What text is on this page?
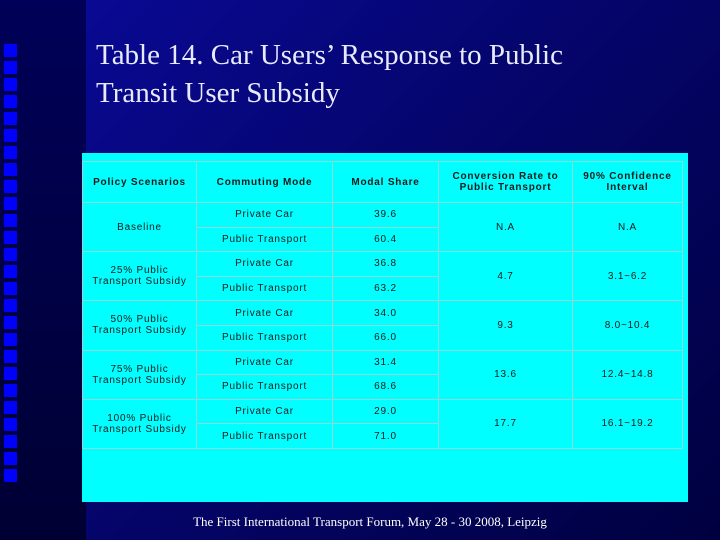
Table 14. Car Users’ Response to Public
Transit User Subsidy
Policy Scenarios	Commuting Mode	Modal Share	Conversion Rate to Public Transport	90% Confidence Interval
Baseline	Private Car	39.6	N.A	N.A
	Public Transport	60.4		
25% Public Transport Subsidy	Private Car	36.8	4.7	3.1~6.2
	Public Transport	63.2		
50% Public Transport Subsidy	Private Car	34.0	9.3	8.0~10.4
	Public Transport	66.0		
75% Public Transport Subsidy	Private Car	31.4	13.6	12.4~14.8
	Public Transport	68.6		
100% Public Transport Subsidy	Private Car	29.0	17.7	16.1~19.2
	Public Transport	71.0		
The First International Transport Forum, May 28 - 30 2008, Leipzig
